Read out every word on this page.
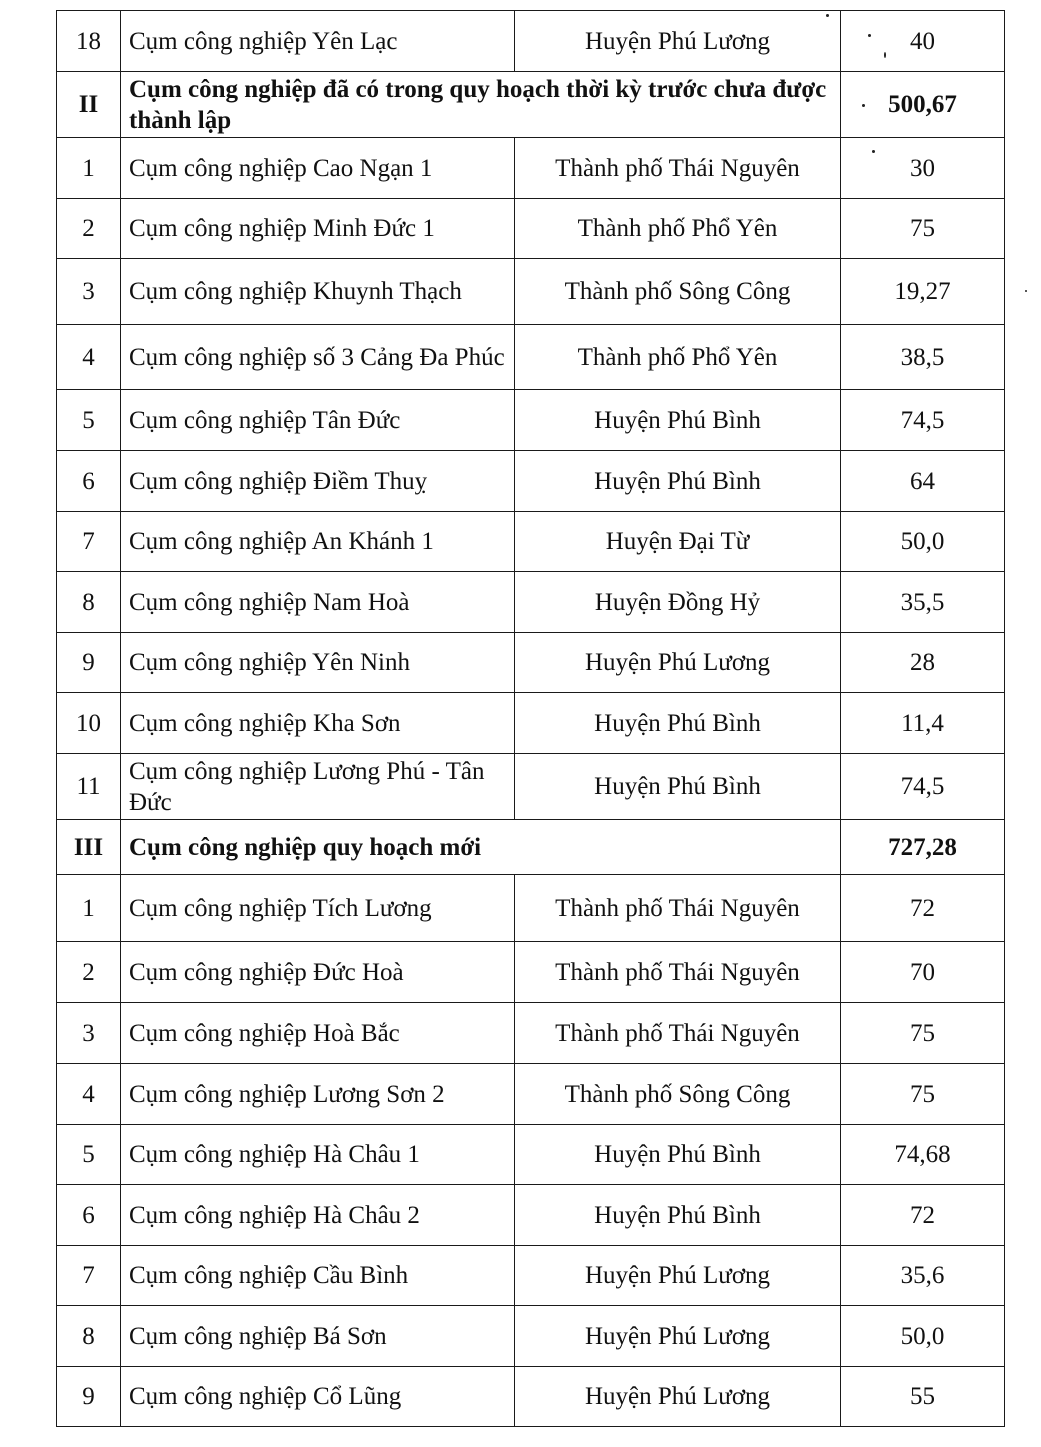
18	Cụm công nghiệp Yên Lạc	Huyện Phú Lương	40
II	Cụm công nghiệp đã có trong quy hoạch thời kỳ trước chưa được thành lập		500,67
1	Cụm công nghiệp Cao Ngạn 1	Thành phố Thái Nguyên	30
2	Cụm công nghiệp Minh Đức 1	Thành phố Phổ Yên	75
3	Cụm công nghiệp Khuynh Thạch	Thành phố Sông Công	19,27
4	Cụm công nghiệp số 3 Cảng Đa Phúc	Thành phố Phổ Yên	38,5
5	Cụm công nghiệp Tân Đức	Huyện Phú Bình	74,5
6	Cụm công nghiệp Điềm Thuỵ	Huyện Phú Bình	64
7	Cụm công nghiệp An Khánh 1	Huyện Đại Từ	50,0
8	Cụm công nghiệp Nam Hoà	Huyện Đồng Hỷ	35,5
9	Cụm công nghiệp Yên Ninh	Huyện Phú Lương	28
10	Cụm công nghiệp Kha Sơn	Huyện Phú Bình	11,4
11	Cụm công nghiệp Lương Phú - Tân Đức	Huyện Phú Bình	74,5
III	Cụm công nghiệp quy hoạch mới		727,28
1	Cụm công nghiệp Tích Lương	Thành phố Thái Nguyên	72
2	Cụm công nghiệp Đức Hoà	Thành phố Thái Nguyên	70
3	Cụm công nghiệp Hoà Bắc	Thành phố Thái Nguyên	75
4	Cụm công nghiệp Lương Sơn 2	Thành phố Sông Công	75
5	Cụm công nghiệp Hà Châu 1	Huyện Phú Bình	74,68
6	Cụm công nghiệp Hà Châu 2	Huyện Phú Bình	72
7	Cụm công nghiệp Cầu Bình	Huyện Phú Lương	35,6
8	Cụm công nghiệp Bá Sơn	Huyện Phú Lương	50,0
9	Cụm công nghiệp Cổ Lũng	Huyện Phú Lương	55
